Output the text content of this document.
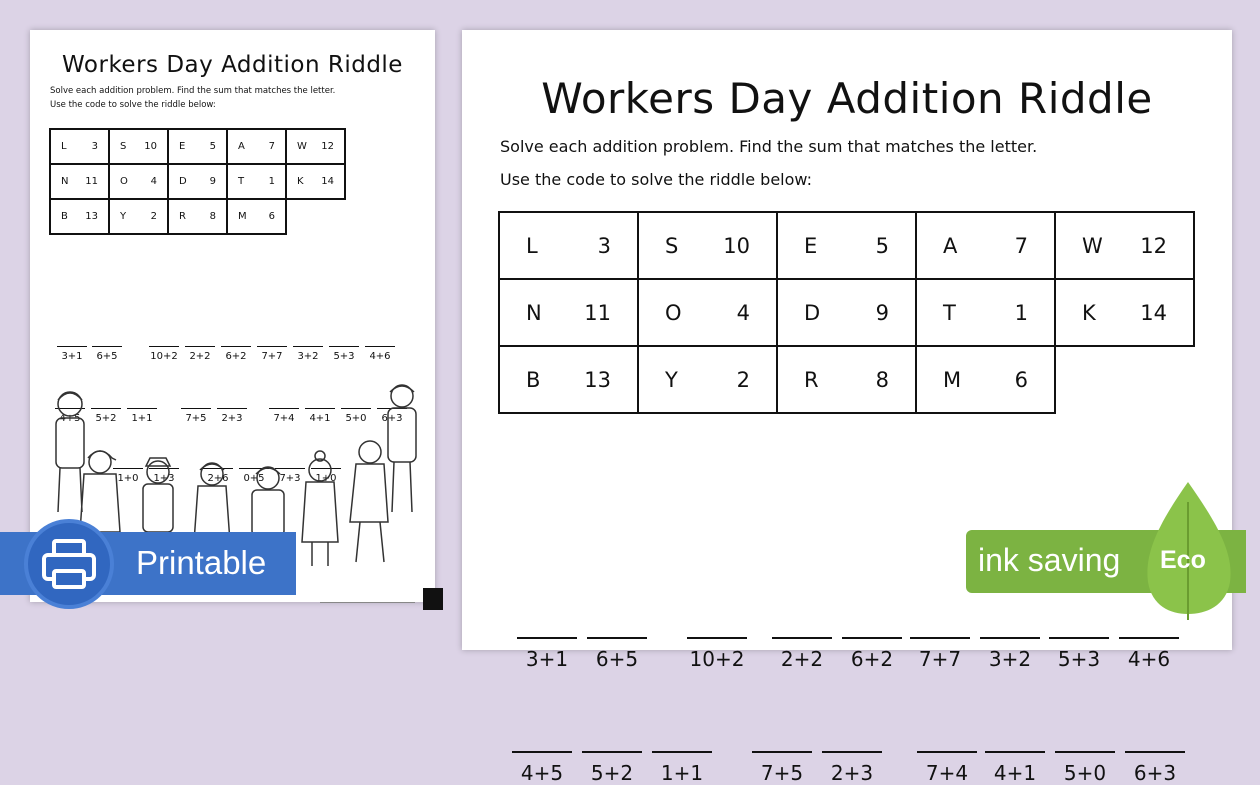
Workers Day Addition Riddle
Solve each addition problem. Find the sum that matches the letter.
Use the code to solve the riddle below:
L 3	S 10	E 5	A 7	W 12

N 11	O 4	D 9	T 1	K 14

B 13	Y 2	R 8	M 6	

3+1	6+5	10+2	2+2	6+2	7+7	3+2	5+3	4+6
4+5	5+2	1+1	7+5	2+3	7+4	4+1	5+0	6+3
1+0	1+3	2+6	0+5	7+3	1+0
Workers Day Addition Riddle
Solve each addition problem. Find the sum that matches the letter.
Use the code to solve the riddle below:
L 3	S 10	E 5	A 7	W 12

N 11	O 4	D 9	T 1	K 14

B 13	Y 2	R 8	M 6	

3+1	6+5	10+2	2+2	6+2	7+7	3+2	5+3	4+6
4+5	5+2	1+1	7+5	2+3	7+4	4+1	5+0	6+3
Printable	ink saving Eco
